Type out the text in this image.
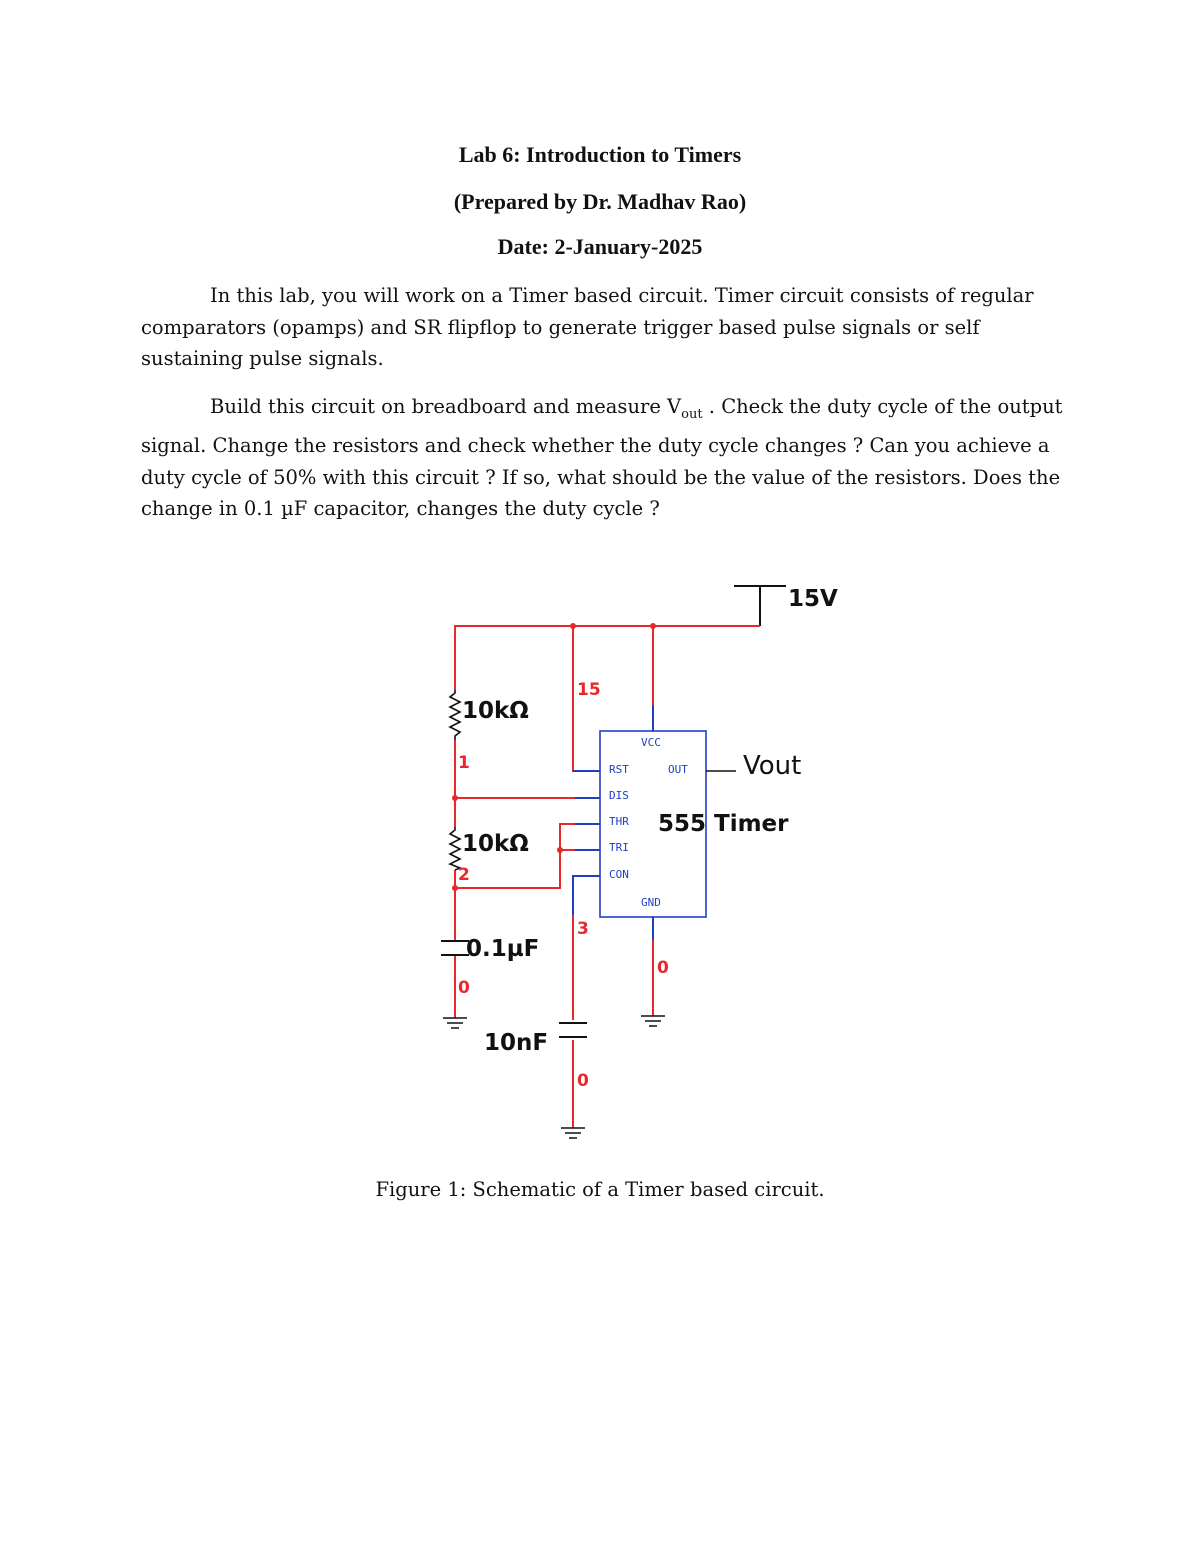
Lab 6: Introduction to Timers
(Prepared by Dr. Madhav Rao)
Date: 2-January-2025

In this lab, you will work on a Timer based circuit. Timer circuit consists of regular comparators (opamps) and SR flipflop to generate trigger based pulse signals or self sustaining pulse signals.

Build this circuit on breadboard and measure $V_{out}$ . Check the duty cycle of the output signal. Change the resistors and check whether the duty cycle changes ? Can you achieve a duty cycle of 50% with this circuit ? If so, what should be the value of the resistors. Does the change in 0.1 µF capacitor, changes the duty cycle ?

15V
10kΩ
10kΩ
0.1µF
10nF
VCC
RST	OUT
DIS
THR
TRI
CON
GND
555 Timer
Vout
15
1
2
3
0
0
0
Figure 1: Schematic of a Timer based circuit.
